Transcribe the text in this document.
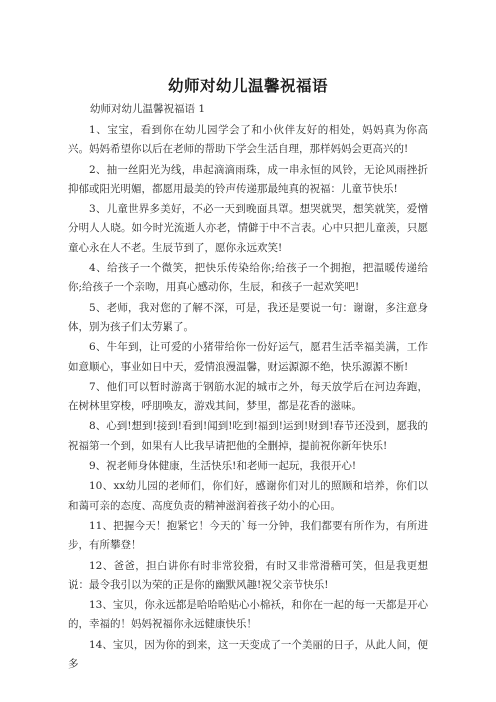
幼师对幼儿温馨祝福语
幼师对幼儿温馨祝福语 1

1、宝宝，看到你在幼儿园学会了和小伙伴友好的相处，妈妈真为你高兴。妈妈希望你以后在老师的帮助下学会生活自理，那样妈妈会更高兴的!

2、抽一丝阳光为线，串起滴滴雨珠，成一串永恒的风铃，无论风雨挫折抑郁或阳光明媚，都愿用最美的铃声传递那最纯真的祝福：儿童节快乐!

3、儿童世界多美好，不必一天到晚面具罩。想哭就哭，想笑就笑，爱憎分明人人晓。如今时光流逝人亦老，情僻于中不言表。心中只把儿童羡，只愿童心永在人不老。生辰节到了，愿你永远欢笑!

4、给孩子一个微笑，把快乐传染给你;给孩子一个拥抱，把温暖传递给你;给孩子一个亲吻，用真心感动你，生辰，和孩子一起欢笑吧!

5、老师，我对您的了解不深，可是，我还是要说一句：谢谢，多注意身体，别为孩子们太劳累了。

6、牛年到，让可爱的小猪带给你一份好运气，愿君生活幸福美满，工作如意顺心，事业如日中天，爱情浪漫温馨，财运源源不绝，快乐源源不断!

7、他们可以暂时游离于钢筋水泥的城市之外，每天放学后在河边奔跑，在树林里穿梭，呼朋唤友，游戏其间，梦里，都是花香的滋味。

8、心到!想到!接到!看到!闻到!吃到!福到!运到!财到!春节还没到，愿我的祝福第一个到，如果有人比我早请把他的全删掉，提前祝你新年快乐!

9、祝老师身体健康，生活快乐!和老师一起玩，我很开心!

10、xx幼儿园的老师们，你们好，感谢你们对儿的照顾和培养，你们以和蔼可亲的态度、高度负责的精神滋润着孩子幼小的心田。

11、把握今天！抱紧它！今天的`每一分钟，我们都要有所作为，有所进步，有所攀登！

12、爸爸，担白讲你有时非常狡猾，有时又非常滑稽可笑，但是我更想说：最令我引以为荣的正是你的幽默风趣!祝父亲节快乐!

13、宝贝，你永远都是哈哈哈贴心小棉袄，和你在一起的每一天都是开心的，幸福的！妈妈祝福你永远健康快乐！

14、宝贝，因为你的到来，这一天变成了一个美丽的日子，从此人间，便多
